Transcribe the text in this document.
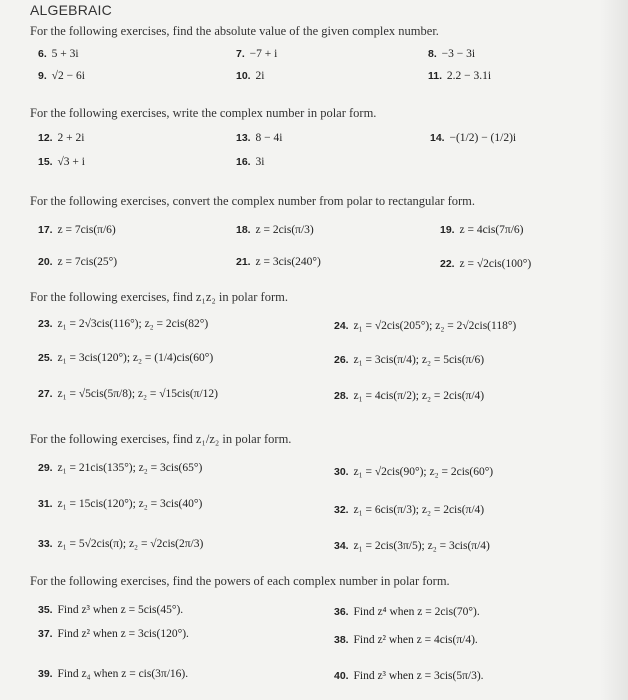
ALGEBRAIC
For the following exercises, find the absolute value of the given complex number.
6. 5 + 3i	7. −7 + i	8. −3 − 3i
9. √2 − 6i	10. 2i	11. 2.2 − 3.1i
For the following exercises, write the complex number in polar form.
12. 2 + 2i	13. 8 − 4i	14. −(1/2) − (1/2)i
15. √3 + i	16. 3i
For the following exercises, convert the complex number from polar to rectangular form.
17. z = 7cis(π/6)	18. z = 2cis(π/3)	19. z = 4cis(7π/6)
20. z = 7cis(25°)	21. z = 3cis(240°)	22. z = √2cis(100°)
For the following exercises, find z₁z₂ in polar form.
23. z₁ = 2√3cis(116°); z₂ = 2cis(82°)	24. z₁ = √2cis(205°); z₂ = 2√2cis(118°)
25. z₁ = 3cis(120°); z₂ = (1/4)cis(60°)	26. z₁ = 3cis(π/4); z₂ = 5cis(π/6)
27. z₁ = √5cis(5π/8); z₂ = √15cis(π/12)	28. z₁ = 4cis(π/2); z₂ = 2cis(π/4)
For the following exercises, find z₁/z₂ in polar form.
29. z₁ = 21cis(135°); z₂ = 3cis(65°)	30. z₁ = √2cis(90°); z₂ = 2cis(60°)
31. z₁ = 15cis(120°); z₂ = 3cis(40°)	32. z₁ = 6cis(π/3); z₂ = 2cis(π/4)
33. z₁ = 5√2cis(π); z₂ = √2cis(2π/3)	34. z₁ = 2cis(3π/5); z₂ = 3cis(π/4)
For the following exercises, find the powers of each complex number in polar form.
35. Find z³ when z = 5cis(45°).	36. Find z⁴ when z = 2cis(70°).
37. Find z² when z = 3cis(120°).	38. Find z² when z = 4cis(π/4).
39. Find z₄ when z = cis(3π/16).	40. Find z³ when z = 3cis(5π/3).
